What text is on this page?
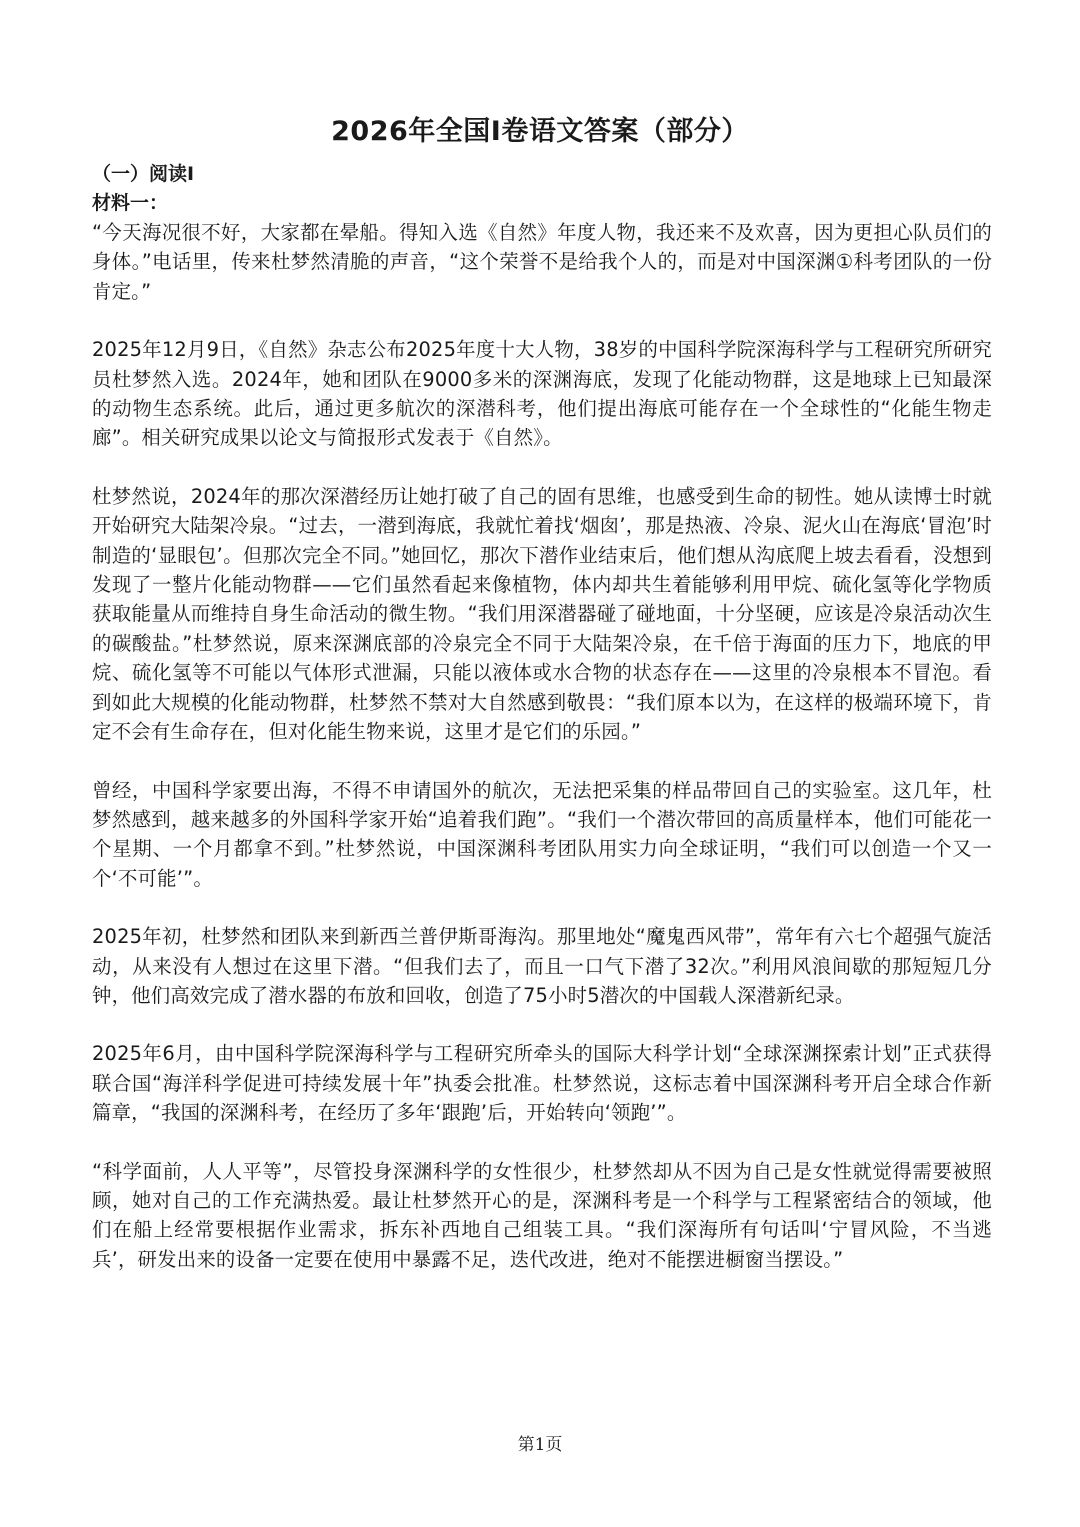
2026年全国I卷语文答案（部分）

（一）阅读I

材料一：

“今天海况很不好，大家都在晕船。得知入选《自然》年度人物，我还来不及欢喜，因为更担心队员们的身体。”电话里，传来杜梦然清脆的声音，“这个荣誉不是给我个人的，而是对中国深渊①科考团队的一份肯定。”

2025年12月9日，《自然》杂志公布2025年度十大人物，38岁的中国科学院深海科学与工程研究所研究员杜梦然入选。2024年，她和团队在9000多米的深渊海底，发现了化能动物群，这是地球上已知最深的动物生态系统。此后，通过更多航次的深潜科考，他们提出海底可能存在一个全球性的“化能生物走廊”。相关研究成果以论文与简报形式发表于《自然》。

杜梦然说，2024年的那次深潜经历让她打破了自己的固有思维，也感受到生命的韧性。她从读博士时就开始研究大陆架冷泉。“过去，一潜到海底，我就忙着找‘烟囱’，那是热液、冷泉、泥火山在海底‘冒泡’时制造的‘显眼包’。但那次完全不同。”她回忆，那次下潜作业结束后，他们想从沟底爬上坡去看看，没想到发现了一整片化能动物群——它们虽然看起来像植物，体内却共生着能够利用甲烷、硫化氢等化学物质获取能量从而维持自身生命活动的微生物。“我们用深潜器碰了碰地面，十分坚硬，应该是冷泉活动次生的碳酸盐。”杜梦然说，原来深渊底部的冷泉完全不同于大陆架冷泉，在千倍于海面的压力下，地底的甲烷、硫化氢等不可能以气体形式泄漏，只能以液体或水合物的状态存在——这里的冷泉根本不冒泡。看到如此大规模的化能动物群，杜梦然不禁对大自然感到敬畏：“我们原本以为，在这样的极端环境下，肯定不会有生命存在，但对化能生物来说，这里才是它们的乐园。”

曾经，中国科学家要出海，不得不申请国外的航次，无法把采集的样品带回自己的实验室。这几年，杜梦然感到，越来越多的外国科学家开始“追着我们跑”。“我们一个潜次带回的高质量样本，他们可能花一个星期、一个月都拿不到。”杜梦然说，中国深渊科考团队用实力向全球证明，“我们可以创造一个又一个‘不可能’”。

2025年初，杜梦然和团队来到新西兰普伊斯哥海沟。那里地处“魔鬼西风带”，常年有六七个超强气旋活动，从来没有人想过在这里下潜。“但我们去了，而且一口气下潜了32次。”利用风浪间歇的那短短几分钟，他们高效完成了潜水器的布放和回收，创造了75小时5潜次的中国载人深潜新纪录。

2025年6月，由中国科学院深海科学与工程研究所牵头的国际大科学计划“全球深渊探索计划”正式获得联合国“海洋科学促进可持续发展十年”执委会批准。杜梦然说，这标志着中国深渊科考开启全球合作新篇章，“我国的深渊科考，在经历了多年‘跟跑’后，开始转向‘领跑’”。

“科学面前，人人平等”，尽管投身深渊科学的女性很少，杜梦然却从不因为自己是女性就觉得需要被照顾，她对自己的工作充满热爱。最让杜梦然开心的是，深渊科考是一个科学与工程紧密结合的领域，他们在船上经常要根据作业需求，拆东补西地自己组装工具。“我们深海所有句话叫‘宁冒风险，不当逃兵’，研发出来的设备一定要在使用中暴露不足，迭代改进，绝对不能摆进橱窗当摆设。”

第1页
